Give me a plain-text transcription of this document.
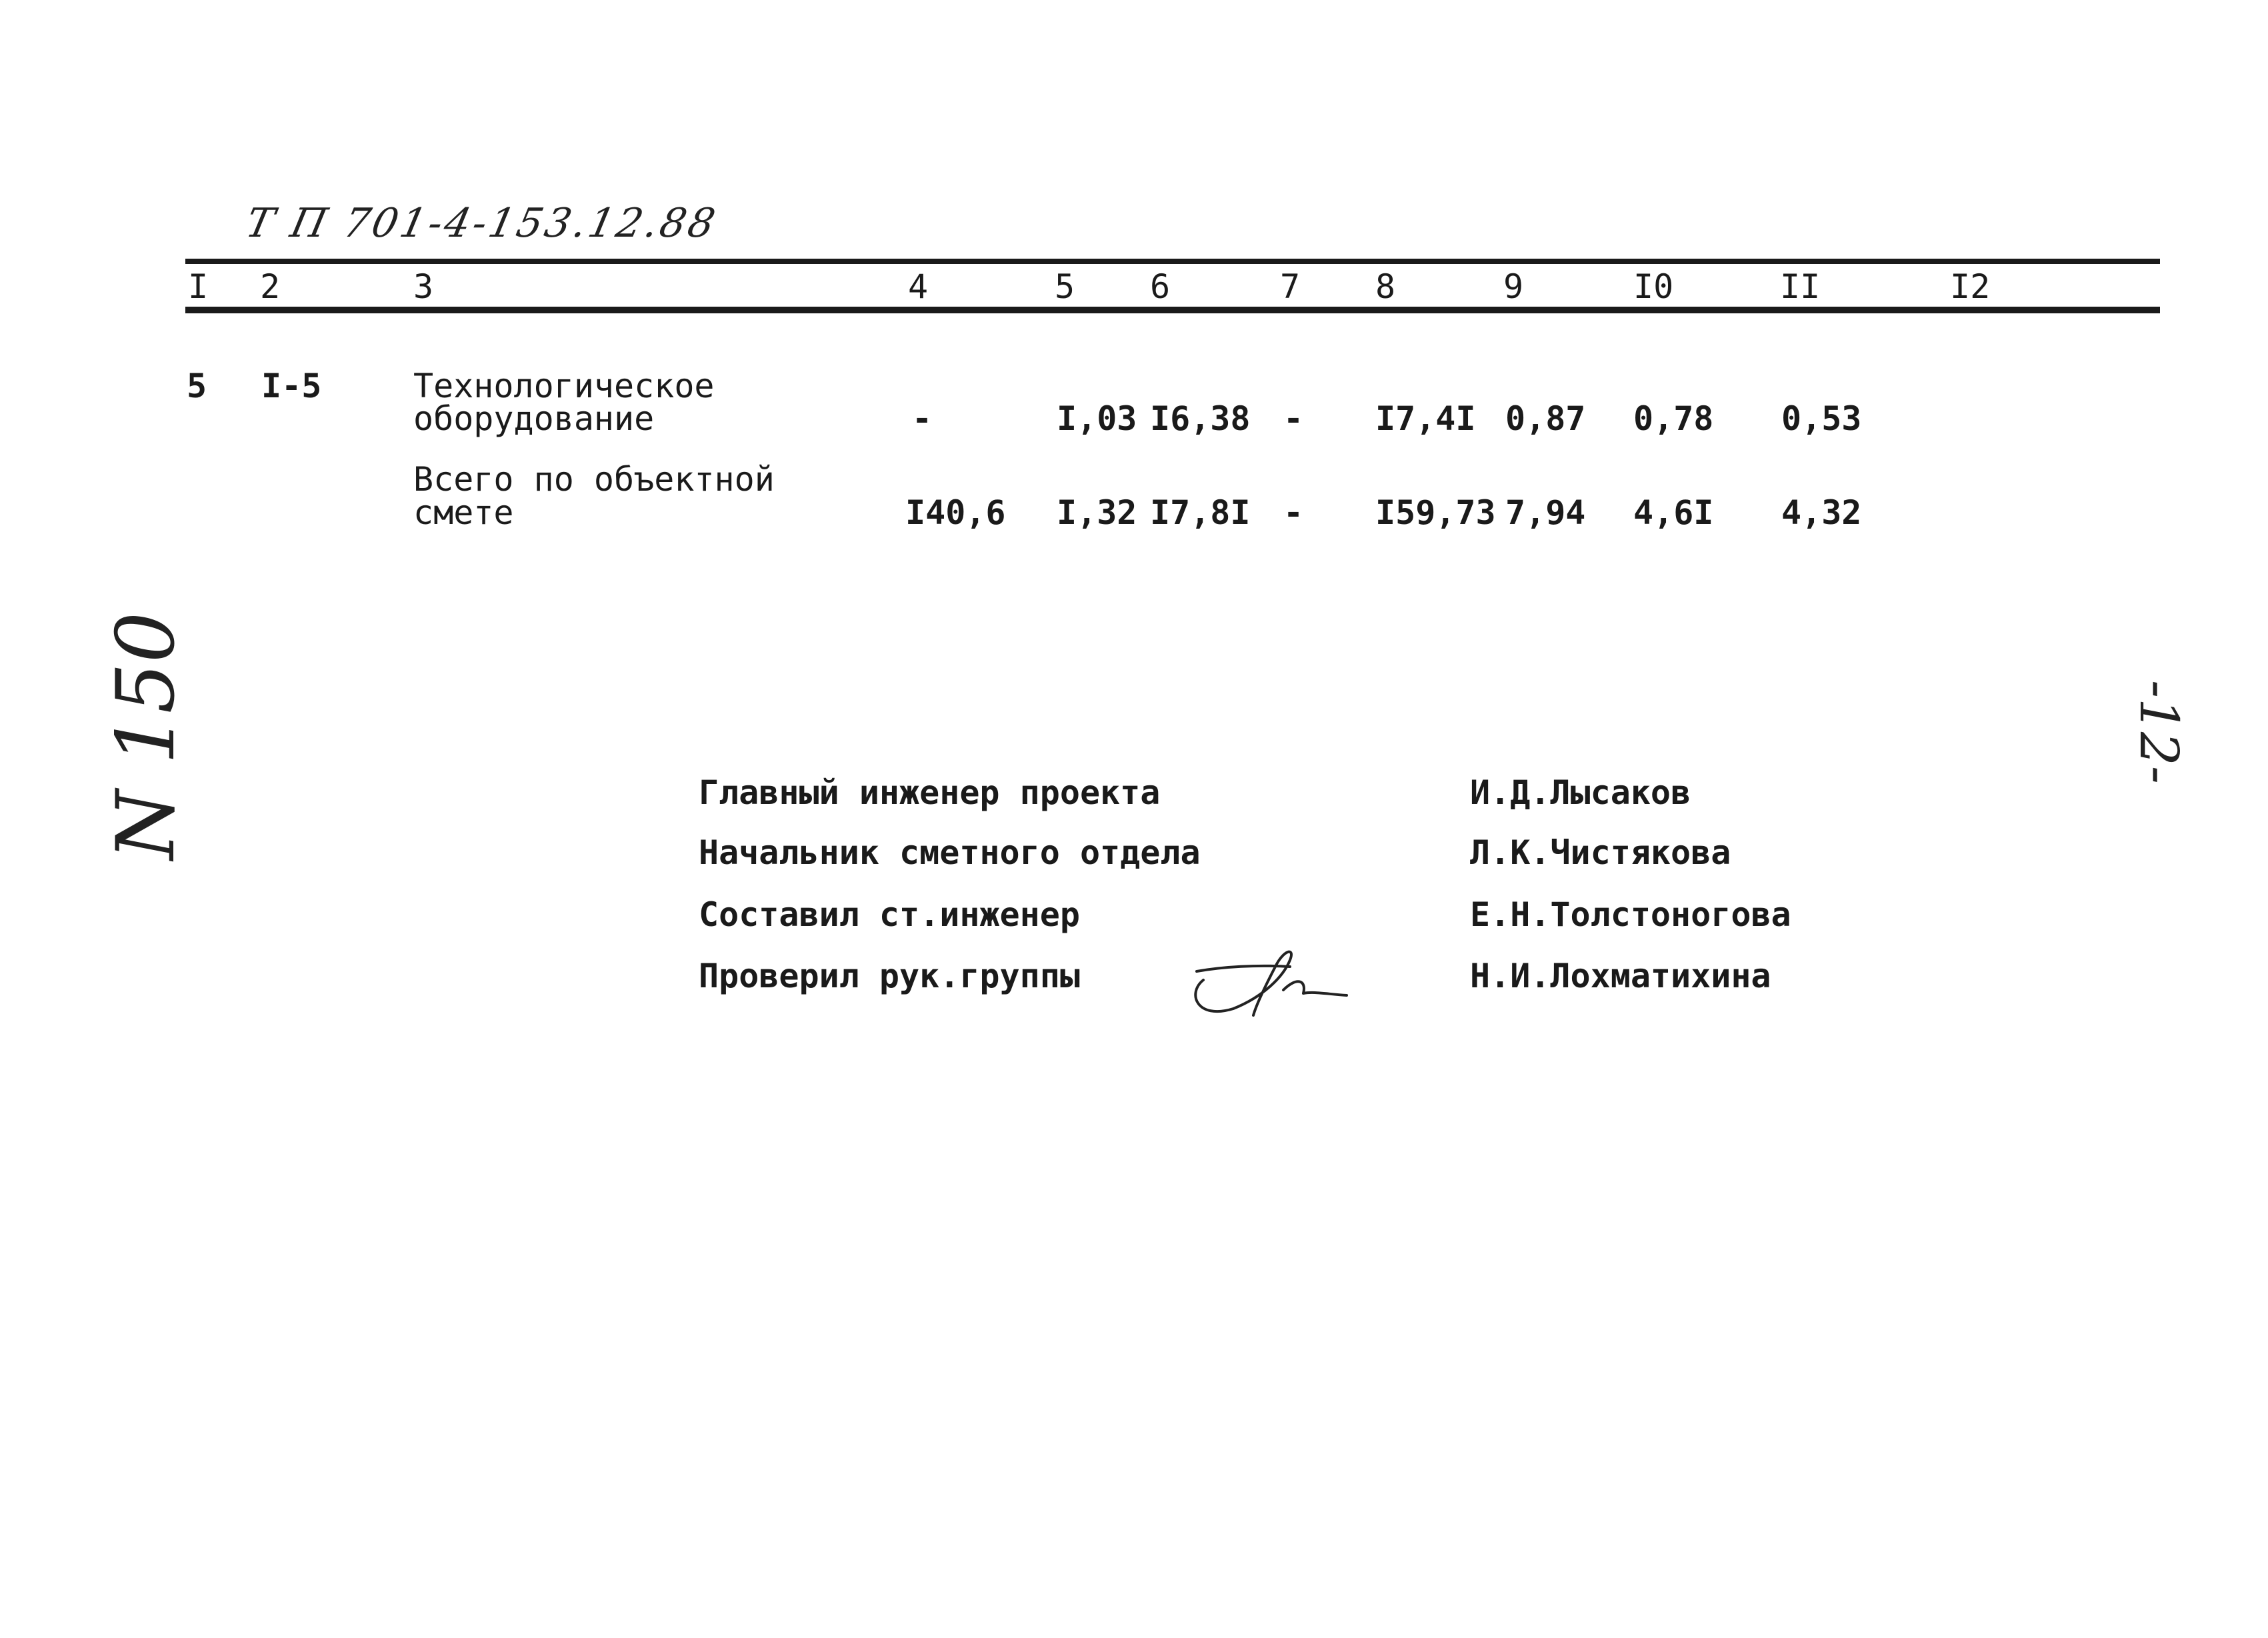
Т П 701-4-153.12.88
N 150	-12-
I 2	3	4	5 6	7 8	9	I0	II	I2
5 I-5	Технологическое
оборудование	-	I,03 I6,38 - I7,4I 0,87 0,78 0,53
Всего по объектной
смете	I40,6 I,32 I7,8I - I59,73 7,94 4,6I 4,32
Главный инженер проекта	И.Д.Лысаков
Начальник сметного отдела	Л.К.Чистякова
Составил ст.инженер	Е.Н.Толстоногова
Проверил рук.группы	Н.И.Лохматихина
